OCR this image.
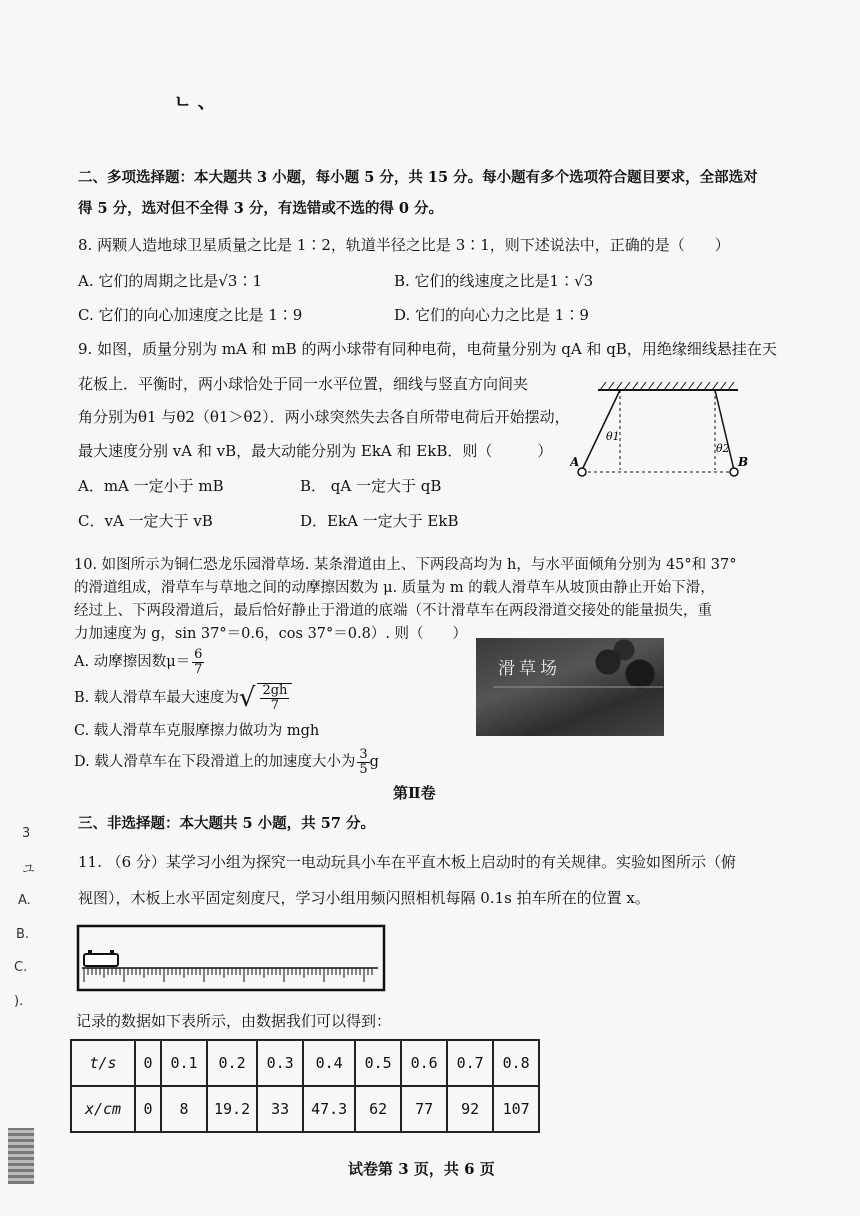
ㄴ 、
二、多项选择题：本大题共 3 小题，每小题 5 分，共 15 分。每小题有多个选项符合题目要求，全部选对
得 5 分，选对但不全得 3 分，有选错或不选的得 0 分。
8. 两颗人造地球卫星质量之比是 1∶2，轨道半径之比是 3∶1，则下述说法中，正确的是（　　）
A. 它们的周期之比是√3∶1	B. 它们的线速度之比是1∶√3
C. 它们的向心加速度之比是 1∶9	D. 它们的向心力之比是 1∶9
9. 如图，质量分别为 mA 和 mB 的两小球带有同种电荷，电荷量分别为 qA 和 qB，用绝缘细线悬挂在天
花板上．平衡时，两小球恰处于同一水平位置，细线与竖直方向间夹
角分别为θ1 与θ2（θ1＞θ2）．两小球突然失去各自所带电荷后开始摆动，
最大速度分别 vA 和 vB，最大动能分别为 EkA 和 EkB．则（　　　）
A．mA 一定小于 mB	B． qA 一定大于 qB
C．vA 一定大于 vB	D．EkA 一定大于 EkB
θ1
θ2
A	B
10. 如图所示为铜仁恐龙乐园滑草场. 某条滑道由上、下两段高均为 h，与水平面倾角分别为 45°和 37°
的滑道组成，滑草车与草地之间的动摩擦因数为 μ. 质量为 m 的载人滑草车从坡顶由静止开始下滑，
经过上、下两段滑道后，最后恰好静止于滑道的底端（不计滑草车在两段滑道交接处的能量损失，重
力加速度为 g，sin 37°＝0.6，cos 37°＝0.8）. 则（　　）
A. 动摩擦因数$\mu= \frac{6}{7}$
B. 载人滑草车最大速度为√ $\frac{2gh}{7}$
C. 载人滑草车克服摩擦力做功为 mgh
D. 载人滑草车在下段滑道上的加速度大小为 $\frac{3}{5}$ g
滑草场
第Ⅱ卷
三、非选择题：本大题共 5 小题，共 57 分。
11. （6 分）某学习小组为探究一电动玩具小车在平直木板上启动时的有关规律。实验如图所示（俯
视图），木板上水平固定刻度尺，学习小组用频闪照相机每隔 0.1s 拍车所在的位置 x。
记录的数据如下表所示，由数据我们可以得到：
t/s	0	0.1	0.2	0.3	0.4	0.5	0.6	0.7	0.8
x/cm	0	8	19.2	33	47.3	62	77	92	107
3
ユ
A.
B.
C.
).
试卷第 3 页，共 6 页
